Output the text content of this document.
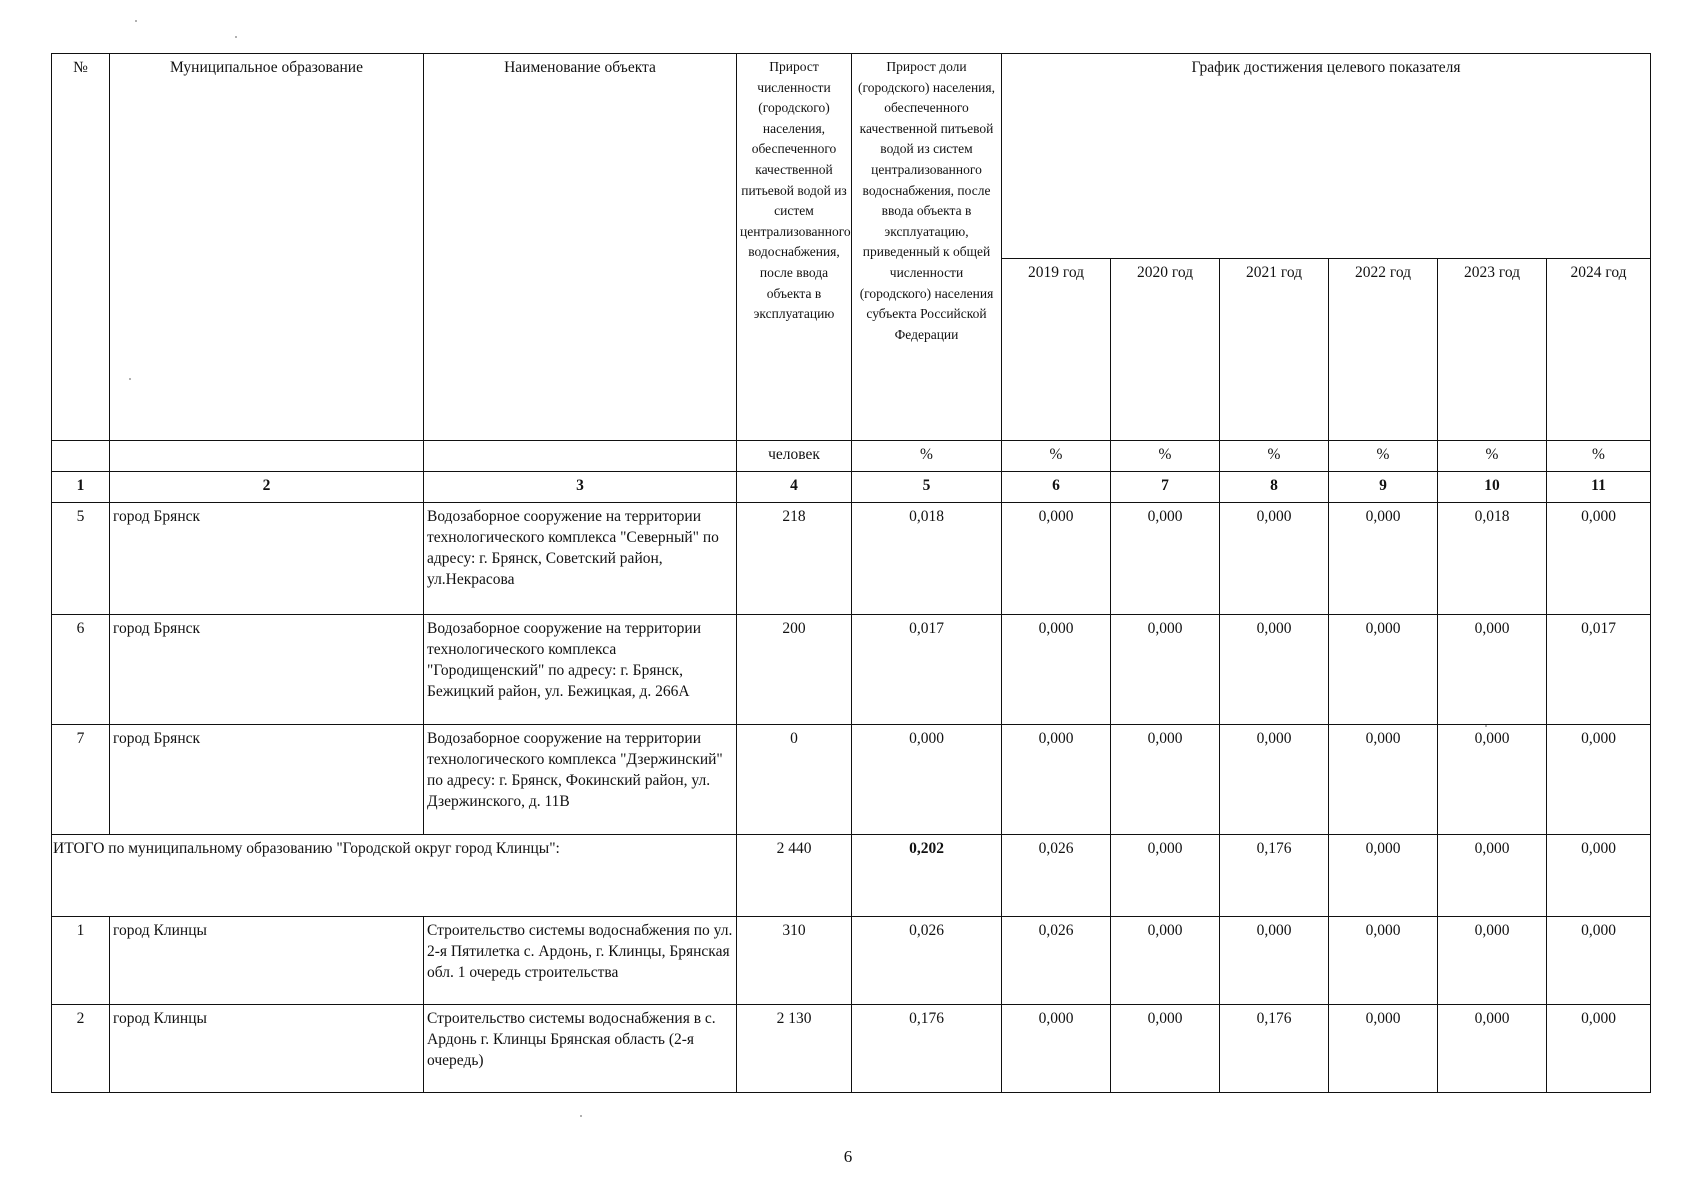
№	Муниципальное образование	Наименование объекта	Прирост численности (городского) населения, обеспеченного качественной питьевой водой из систем централизованного водоснабжения, после ввода объекта в эксплуатацию	Прирост доли (городского) населения, обеспеченного качественной питьевой водой из систем централизованного водоснабжения, после ввода объекта в эксплуатацию, приведенный к общей численности (городского) населения субъекта Российской Федерации	График достижения целевого показателя					
					2019 год	2020 год	2021 год	2022 год	2023 год	2024 год
			человек	%	%	%	%	%	%	%
1	2	3	4	5	6	7	8	9	10	11
5	город Брянск	Водозаборное сооружение на территории технологического комплекса "Северный" по адресу: г. Брянск, Советский район, ул.Некрасова	218	0,018	0,000	0,000	0,000	0,000	0,018	0,000
6	город Брянск	Водозаборное сооружение на территории технологического комплекса "Городищенский" по адресу: г. Брянск, Бежицкий район, ул. Бежицкая, д. 266А	200	0,017	0,000	0,000	0,000	0,000	0,000	0,017
7	город Брянск	Водозаборное сооружение на территории технологического комплекса "Дзержинский" по адресу: г. Брянск, Фокинский район, ул. Дзержинского, д. 11В	0	0,000	0,000	0,000	0,000	0,000	0,000	0,000
ИТОГО по муниципальному образованию "Городской округ город Клинцы":			2 440	0,202	0,026	0,000	0,176	0,000	0,000	0,000
1	город Клинцы	Строительство системы водоснабжения по ул. 2-я Пятилетка с. Ардонь, г. Клинцы, Брянская обл. 1 очередь строительства	310	0,026	0,026	0,000	0,000	0,000	0,000	0,000
2	город Клинцы	Строительство системы водоснабжения в с. Ардонь г. Клинцы Брянская область (2-я очередь)	2 130	0,176	0,000	0,000	0,176	0,000	0,000	0,000
6
